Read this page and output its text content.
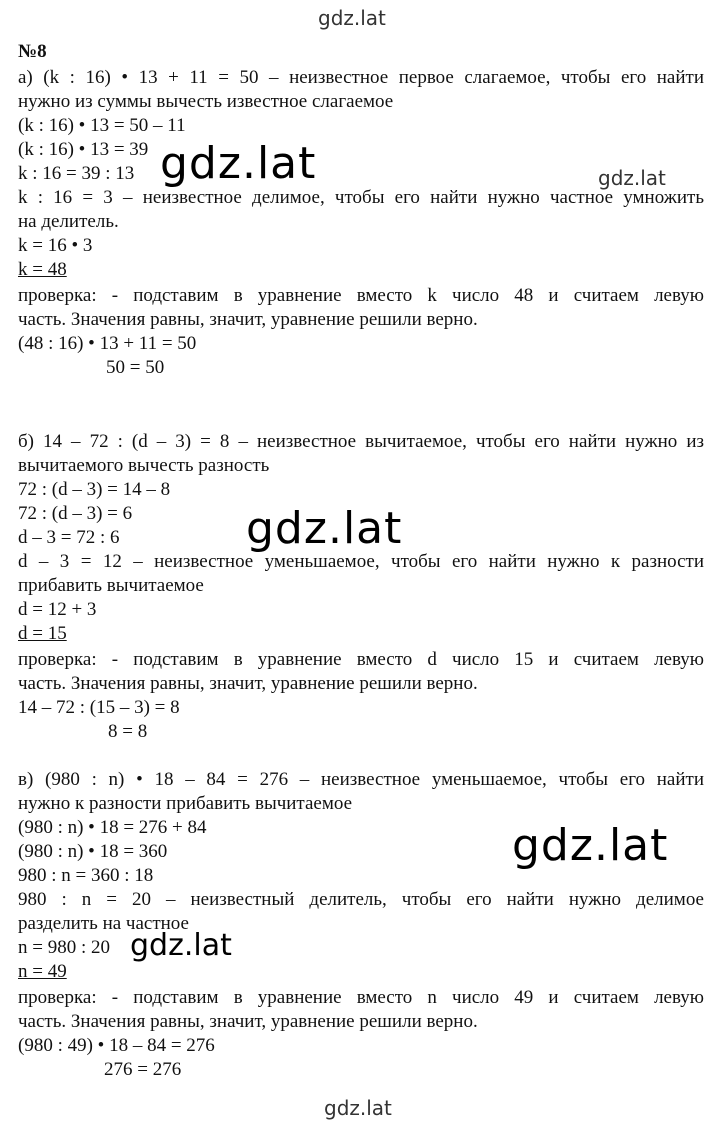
gdz.lat
gdz.lat	gdz.lat
gdz.lat
gdz.lat
gdz.lat
gdz.lat
№8
а) (k : 16) • 13 + 11 = 50 – неизвестное первое слагаемое, чтобы его найти
нужно из суммы вычесть известное слагаемое
(k : 16) • 13 = 50 – 11
(k : 16) • 13 = 39
k : 16 = 39 : 13
k : 16 = 3 – неизвестное делимое, чтобы его найти нужно частное умножить
на делитель.
k = 16 • 3
k = 48
проверка: - подставим в уравнение вместо k число 48 и считаем левую
часть. Значения равны, значит, уравнение решили верно.
(48 : 16) • 13 + 11 = 50
50 = 50
б) 14 – 72 : (d – 3) = 8 – неизвестное вычитаемое, чтобы его найти нужно из
вычитаемого вычесть разность
72 : (d – 3) = 14 – 8
72 : (d – 3) = 6
d – 3 = 72 : 6
d – 3 = 12 – неизвестное уменьшаемое, чтобы его найти нужно к разности
прибавить вычитаемое
d = 12 + 3
d = 15
проверка: - подставим в уравнение вместо d число 15 и считаем левую
часть. Значения равны, значит, уравнение решили верно.
14 – 72 : (15 – 3) = 8
8 = 8
в) (980 : n) • 18 – 84 = 276 – неизвестное уменьшаемое, чтобы его найти
нужно к разности прибавить вычитаемое
(980 : n) • 18 = 276 + 84
(980 : n) • 18 = 360
980 : n = 360 : 18
980 : n = 20 – неизвестный делитель, чтобы его найти нужно делимое
разделить на частное
n = 980 : 20
n = 49
проверка: - подставим в уравнение вместо n число 49 и считаем левую
часть. Значения равны, значит, уравнение решили верно.
(980 : 49) • 18 – 84 = 276
276 = 276
